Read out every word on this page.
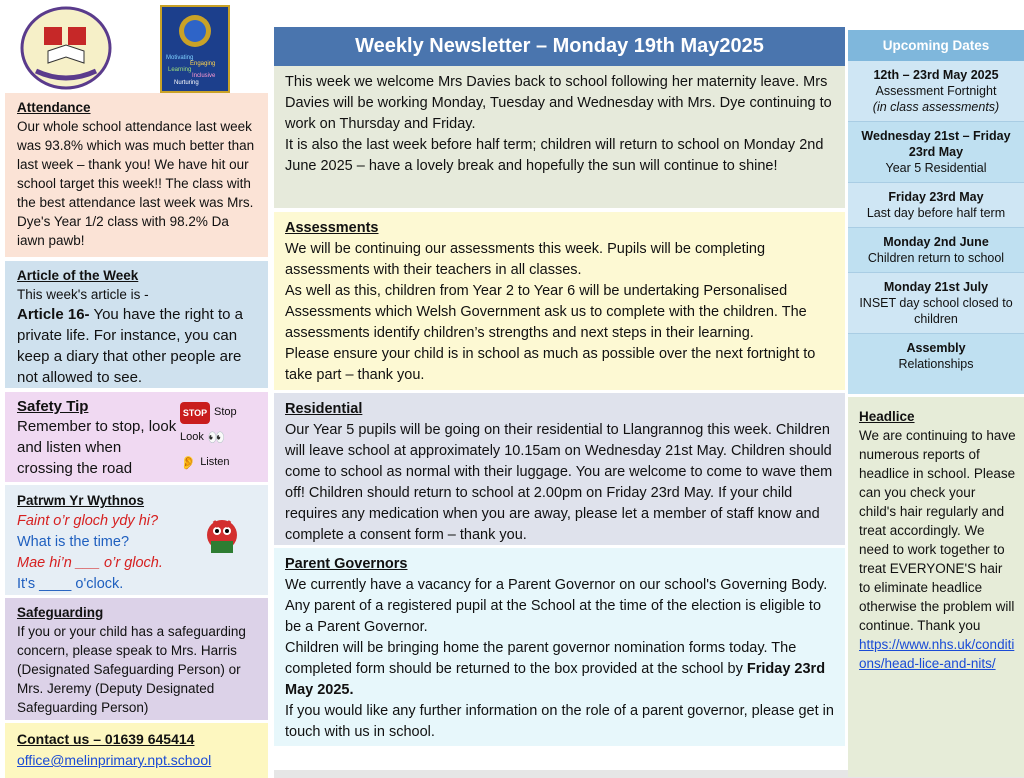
Motivating
Engaging
Learning
Inclusive
Nurturing
Attendance
Our whole school attendance last week was 93.8% which was much better than last week – thank you! We have hit our school target this week!! The class with the best attendance last week was Mrs. Dye's Year 1/2 class with 98.2% Da iawn pawb!
Article of the Week
This week's article is -
Article 16- You have the right to a private life. For instance, you can keep a diary that other people are not allowed to see.
Safety Tip
Remember to stop, look and listen when crossing the road
STOP Stop
Look 👀
👂 Listen
Patrwm Yr Wythnos
Faint o’r gloch ydy hi?
What is the time?
Mae hi’n ___ o’r gloch.
It's ____ o'clock.
Safeguarding
If you or your child has a safeguarding concern, please speak to Mrs. Harris (Designated Safeguarding Person) or Mrs. Jeremy (Deputy Designated Safeguarding Person)
Contact us – 01639 645414
office@melinprimary.npt.school
Weekly Newsletter – Monday 19th May2025
This week we welcome Mrs Davies back to school following her maternity leave. Mrs Davies will be working Monday, Tuesday and Wednesday with Mrs. Dye continuing to work on Thursday and Friday.
It is also the last week before half term; children will return to school on Monday 2nd June 2025 – have a lovely break and hopefully the sun will continue to shine!
Assessments
We will be continuing our assessments this week. Pupils will be completing assessments with their teachers in all classes.
As well as this, children from Year 2 to Year 6 will be undertaking Personalised Assessments which Welsh Government ask us to complete with the children. The assessments identify children’s strengths and next steps in their learning.
Please ensure your child is in school as much as possible over the next fortnight to take part – thank you.
Residential
Our Year 5 pupils will be going on their residential to Llangrannog this week. Children will leave school at approximately 10.15am on Wednesday 21st May. Children should come to school as normal with their luggage. You are welcome to come to wave them off! Children should return to school at 2.00pm on Friday 23rd May. If your child requires any medication when you are away, please let a member of staff know and complete a consent form – thank you.
Parent Governors
We currently have a vacancy for a Parent Governor on our school's Governing Body. Any parent of a registered pupil at the School at the time of the election is eligible to be a Parent Governor.
Children will be bringing home the parent governor nomination forms today. The completed form should be returned to the box provided at the school by Friday 23rd May 2025.
If you would like any further information on the role of a parent governor, please get in touch with us in school.
Upcoming Dates
12th – 23rd May 2025
Assessment Fortnight
(in class assessments)
Wednesday 21st – Friday 23rd May
Year 5 Residential
Friday 23rd May
Last day before half term
Monday 2nd June
Children return to school
Monday 21st July
INSET day school closed to children
Assembly
Relationships
Headlice
We are continuing to have numerous reports of headlice in school. Please can you check your child's hair regularly and treat accordingly. We need to work together to treat EVERYONE'S hair to eliminate headlice otherwise the problem will continue. Thank you
https://www.nhs.uk/conditions/head-lice-and-nits/
